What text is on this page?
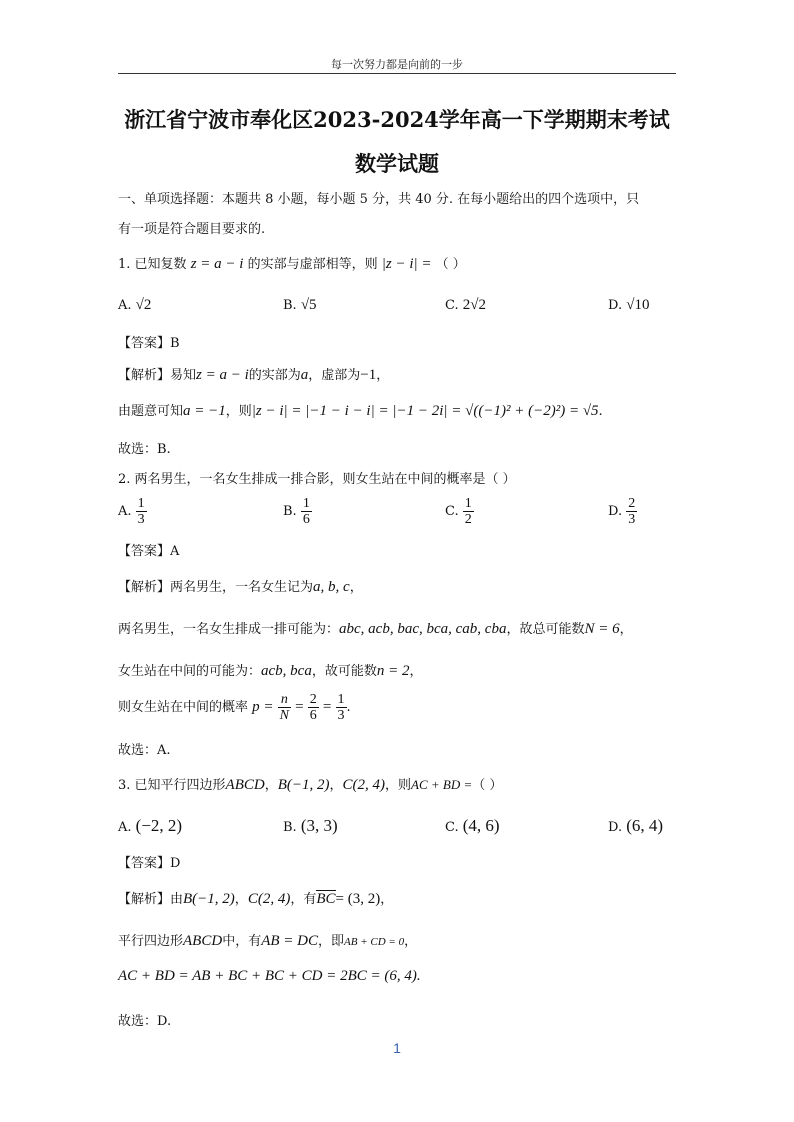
每一次努力都是向前的一步
浙江省宁波市奉化区2023-2024学年高一下学期期末考试
数学试题
一、单项选择题：本题共 8 小题，每小题 5 分，共 40 分. 在每小题给出的四个选项中，只
有一项是符合题目要求的.
1. 已知复数 z = a − i 的实部与虚部相等，则 |z − i| = （ ）
A. √2	B. √5	C. 2√2	D. √10
【答案】B
【解析】易知z = a − i的实部为a，虚部为−1，
由题意可知a = −1，则|z − i| = |−1 − i − i| = |−1 − 2i| = √((−1)² + (−2)²) = √5.
故选：B.
2. 两名男生，一名女生排成一排合影，则女生站在中间的概率是（ ）
A. $\frac{1}{3}$	B. $\frac{1}{6}$	C. $\frac{1}{2}$	D. $\frac{2}{3}$
【答案】A
【解析】两名男生，一名女生记为a, b, c，
两名男生，一名女生排成一排可能为：abc, acb, bac, bca, cab, cba，故总可能数N = 6，
女生站在中间的可能为：acb, bca，故可能数n = 2，
则女生站在中间的概率 $p = \frac{n}{N} = \frac{2}{6} = \frac{1}{3}$ .
故选：A.
3. 已知平行四边形ABCD，B(−1, 2)，C(2, 4)，则AC + BD =（ ）
A. (−2, 2)	B. (3, 3)	C. (4, 6)	D. (6, 4)
【答案】D
【解析】由B(−1, 2)，C(2, 4)，有BC= (3, 2)，
平行四边形ABCD中，有AB = DC，即AB + CD = 0，
AC + BD = AB + BC + BC + CD = 2BC = (6, 4).
故选：D.
1
